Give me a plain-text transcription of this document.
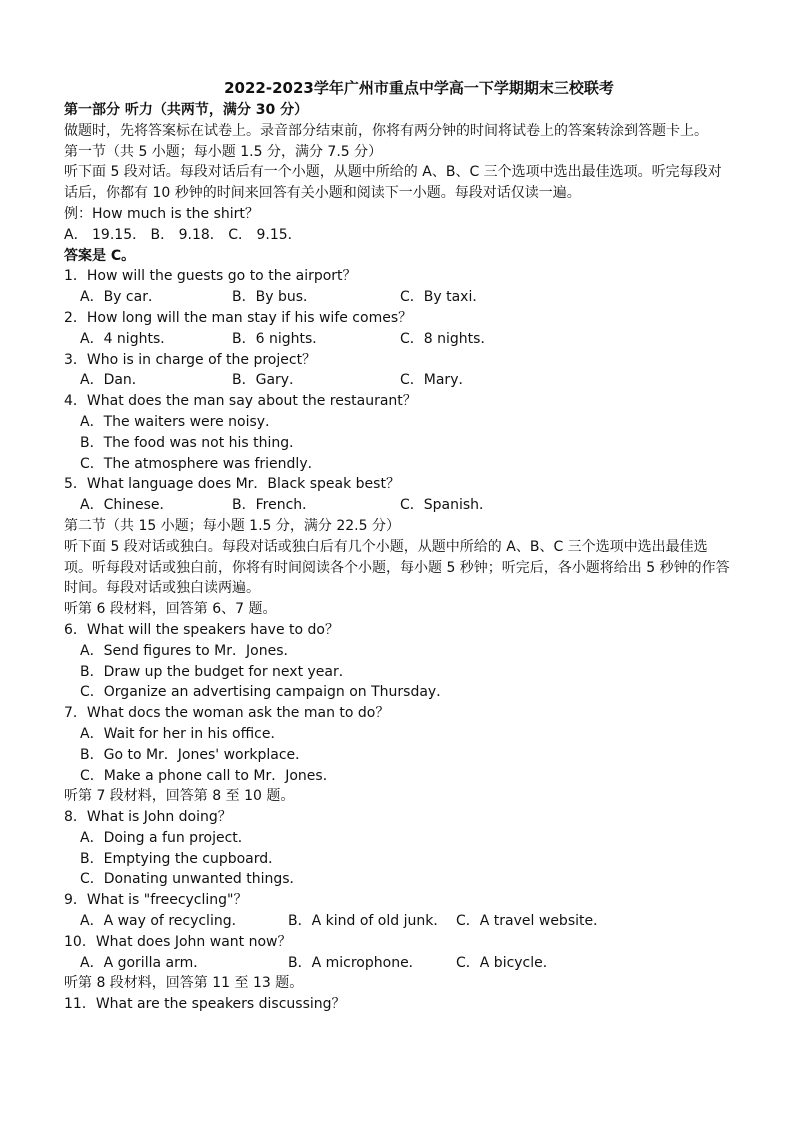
2022-2023学年广州市重点中学高一下学期期末三校联考
第一部分 听力（共两节，满分 30 分）
做题时，先将答案标在试卷上。录音部分结束前，你将有两分钟的时间将试卷上的答案转涂到答题卡上。
第一节（共 5 小题；每小题 1.5 分，满分 7.5 分）
听下面 5 段对话。每段对话后有一个小题，从题中所给的 A、B、C 三个选项中选出最佳选项。听完每段对话后，你都有 10 秒钟的时间来回答有关小题和阅读下一小题。每段对话仅读一遍。
例：How much is the shirt？
A． 19.15． B． 9.18． C． 9.15．
答案是 C。
1．How will the guests go to the airport？
A．By car．	B．By bus．	C．By taxi．
2．How long will the man stay if his wife comes？
A．4 nights．	B．6 nights．	C．8 nights．
3．Who is in charge of the project？
A．Dan．	B．Gary．	C．Mary．
4．What does the man say about the restaurant？
A．The waiters were noisy．
B．The food was not his thing．
C．The atmosphere was friendly．
5．What language does Mr．Black speak best？
A．Chinese．	B．French．	C．Spanish．
第二节（共 15 小题；每小题 1.5 分，满分 22.5 分）
听下面 5 段对话或独白。每段对话或独白后有几个小题，从题中所给的 A、B、C 三个选项中选出最佳选项。听每段对话或独白前，你将有时间阅读各个小题，每小题 5 秒钟；听完后，各小题将给出 5 秒钟的作答时间。每段对话或独白读两遍。
听第 6 段材料，回答第 6、7 题。
6．What will the speakers have to do？
A．Send figures to Mr．Jones．
B．Draw up the budget for next year．
C．Organize an advertising campaign on Thursday．
7．What docs the woman ask the man to do？
A．Wait for her in his office．
B．Go to Mr．Jones' workplace．
C．Make a phone call to Mr．Jones．
听第 7 段材料，回答第 8 至 10 题。
8．What is John doing？
A．Doing a fun project．
B．Emptying the cupboard．
C．Donating unwanted things．
9．What is "freecycling"？
A．A way of recycling．	B．A kind of old junk． C．A travel website．
10．What does John want now？
A．A gorilla arm．	B．A microphone．	C．A bicycle．
听第 8 段材料，回答第 11 至 13 题。
11．What are the speakers discussing？
